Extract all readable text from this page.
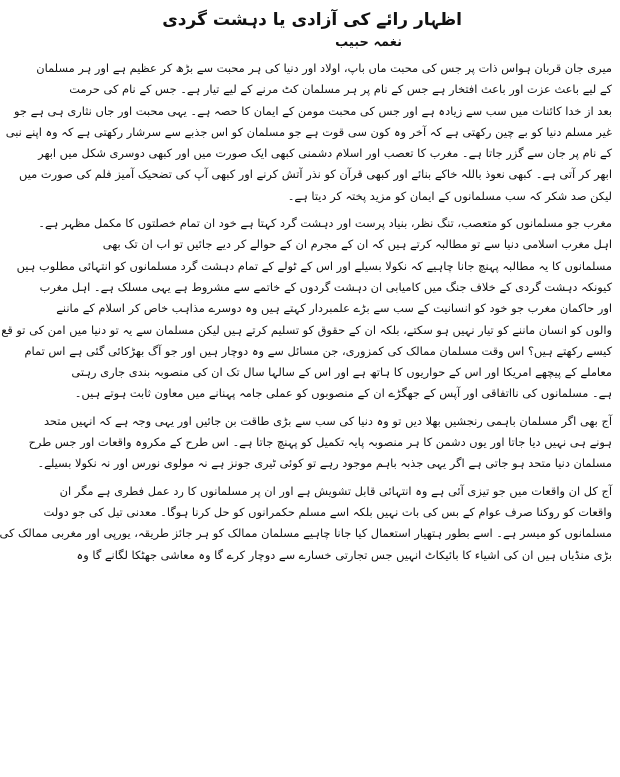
اظہار رائے کی آزادی یا دہشت گردی
نغمہ حبیب
میری جان قربان ہواس ذات پر جس کی محبت ماں باپ، اولاد اور دنیا کی ہر محبت سے بڑھ کر عظیم ہے اور ہر مسلمان
کے لیے باعث عزت اور باعث افتخار ہے جس کے نام پر ہر مسلمان کٹ مرنے کے لیے تیار ہے۔ جس کے نام کی حرمت
بعد از خدا کائنات میں سب سے زیادہ ہے اور جس کی محبت مومن کے ایمان کا حصہ ہے۔ یہی محبت اور جاں نثاری ہی ہے جو
غیر مسلم دنیا کو بے چین رکھتی ہے کہ آخر وہ کون سی قوت ہے جو مسلمان کو اس جذبے سے سرشار رکھتی ہے کہ وہ اپنے نبی
کے نام پر جان سے گزر جاتا ہے۔ مغرب کا تعصب اور اسلام دشمنی کبھی ایک صورت میں اور کبھی دوسری شکل میں ابھر
ابھر کر آتی ہے۔ کبھی نعوذ باللہ خاکے بنائے اور کبھی قرآن کو نذر آتش کرنے اور کبھی آپ کی تضحیک آمیز فلم کی صورت میں
لیکن صد شکر کہ سب مسلمانوں کے ایمان کو مزید پختہ کر دیتا ہے۔
مغرب جو مسلمانوں کو متعصب، تنگ نظر، بنیاد پرست اور دہشت گرد کہتا ہے خود ان تمام خصلتوں کا مکمل مظہر ہے۔
اہل مغرب اسلامی دنیا سے تو مطالبہ کرتے ہیں کہ ان کے مجرم ان کے حوالے کر دیے جائیں تو اب ان تک بھی
مسلمانوں کا یہ مطالبہ پہنچ جانا چاہیے کہ نکولا بسیلے اور اس کے ٹولے کے تمام دہشت گرد مسلمانوں کو انتہائی مطلوب ہیں
کیونکہ دہشت گردی کے خلاف جنگ میں کامیابی ان دہشت گردوں کے خاتمے سے مشروط ہے یہی مسلک ہے۔ اہل مغرب
اور حاکمان مغرب جو خود کو انسانیت کے سب سے بڑے علمبردار کہتے ہیں وہ دوسرے مذاہب خاص کر اسلام کے ماننے
والوں کو انسان ماننے کو تیار نہیں ہو سکتے، بلکہ ان کے حقوق کو تسلیم کرتے ہیں لیکن مسلمان سے یہ تو دنیا میں امن کی تو قع
کیسے رکھتے ہیں؟ اس وقت مسلمان ممالک کی کمزوری، جن مسائل سے وہ دوچار ہیں اور جو آگ بھڑکائی گئی ہے اس تمام
معاملے کے پیچھے امریکا اور اس کے حواریوں کا ہاتھ ہے اور اس کے سالہا سال تک ان کی منصوبہ بندی جاری رہتی
ہے۔ مسلمانوں کی نااتفاقی اور آپس کے جھگڑے ان کے منصوبوں کو عملی جامہ پہنانے میں معاون ثابت ہوتے ہیں۔
آج بھی اگر مسلمان باہمی رنجشیں بھلا دیں تو وہ دنیا کی سب سے بڑی طاقت بن جائیں اور یہی وجہ ہے کہ انہیں متحد
ہونے ہی نہیں دیا جاتا اور یوں دشمن کا ہر منصوبہ پایہ تکمیل کو پہنچ جاتا ہے۔ اس طرح کے مکروہ واقعات اور جس طرح
مسلمان دنیا متحد ہو جاتی ہے اگر یہی جذبہ باہم موجود رہے تو کوئی ٹیری جونز ہے نہ مولوی نورس اور نہ نکولا بسیلے۔
آج کل ان واقعات میں جو تیزی آئی ہے وہ انتہائی قابل تشویش ہے اور ان پر مسلمانوں کا رد عمل فطری ہے مگر ان
واقعات کو روکنا صرف عوام کے بس کی بات نہیں بلکہ اسے مسلم حکمرانوں کو حل کرنا ہوگا۔ معدنی تیل کی جو دولت
مسلمانوں کو میسر ہے۔ اسے بطور ہتھیار استعمال کیا جانا چاہیے مسلمان ممالک کو ہر جائز طریقہ، یورپی اور مغربی ممالک کی
بڑی منڈیاں ہیں ان کی اشیاء کا بائیکاٹ انہیں جس تجارتی خسارے سے دوچار کرے گا وہ معاشی جھٹکا لگانے گا وہ
